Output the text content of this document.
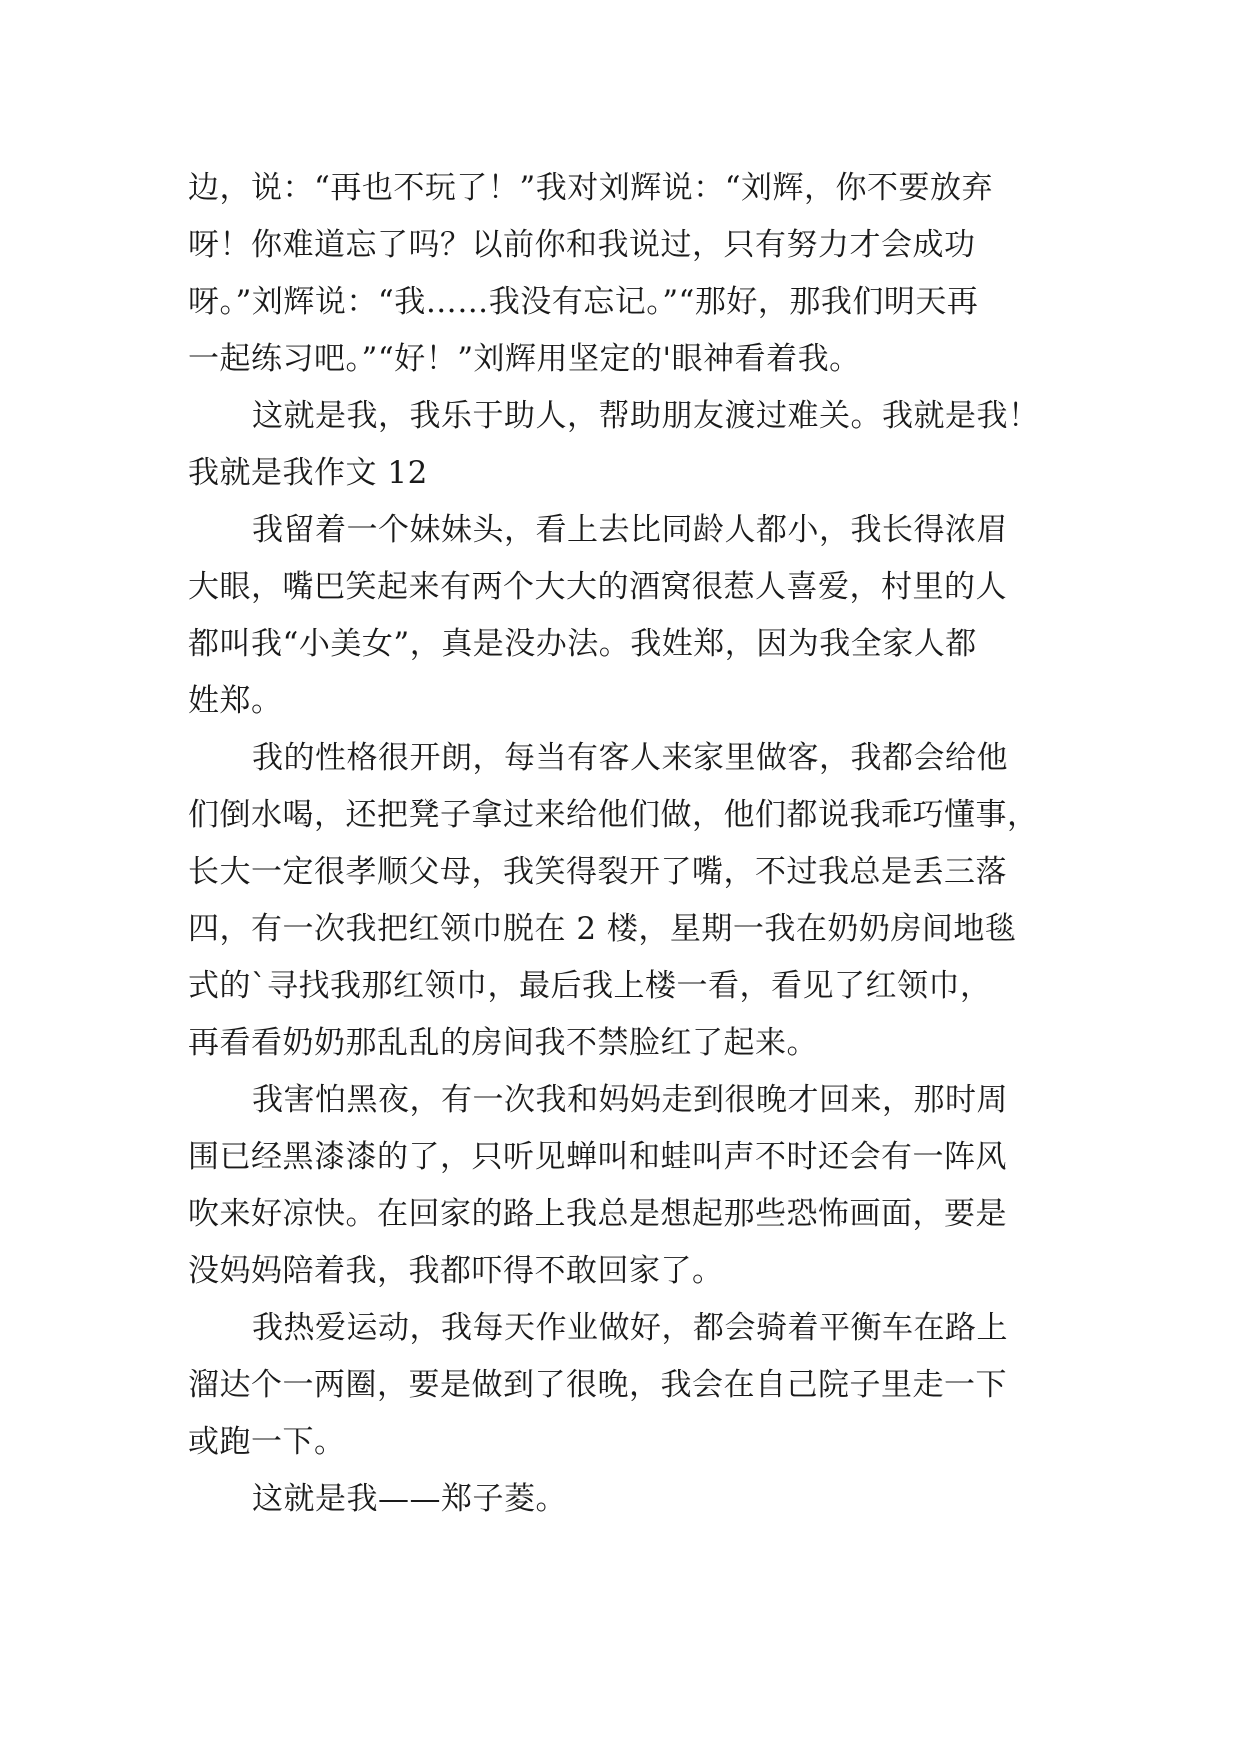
边，说：“再也不玩了！”我对刘辉说：“刘辉，你不要放弃
呀！你难道忘了吗？以前你和我说过，只有努力才会成功
呀。”刘辉说：“我……我没有忘记。”“那好，那我们明天再
一起练习吧。”“好！”刘辉用坚定的'眼神看着我。
这就是我，我乐于助人，帮助朋友渡过难关。我就是我！
我就是我作文 12
我留着一个妹妹头，看上去比同龄人都小，我长得浓眉
大眼，嘴巴笑起来有两个大大的酒窝很惹人喜爱，村里的人
都叫我“小美女”，真是没办法。我姓郑，因为我全家人都
姓郑。
我的性格很开朗，每当有客人来家里做客，我都会给他
们倒水喝，还把凳子拿过来给他们做，他们都说我乖巧懂事，
长大一定很孝顺父母，我笑得裂开了嘴，不过我总是丢三落
四，有一次我把红领巾脱在 2 楼，星期一我在奶奶房间地毯
式的`寻找我那红领巾，最后我上楼一看，看见了红领巾，
再看看奶奶那乱乱的房间我不禁脸红了起来。
我害怕黑夜，有一次我和妈妈走到很晚才回来，那时周
围已经黑漆漆的了，只听见蝉叫和蛙叫声不时还会有一阵风
吹来好凉快。在回家的路上我总是想起那些恐怖画面，要是
没妈妈陪着我，我都吓得不敢回家了。
我热爱运动，我每天作业做好，都会骑着平衡车在路上
溜达个一两圈，要是做到了很晚，我会在自己院子里走一下
或跑一下。
这就是我——郑子菱。
